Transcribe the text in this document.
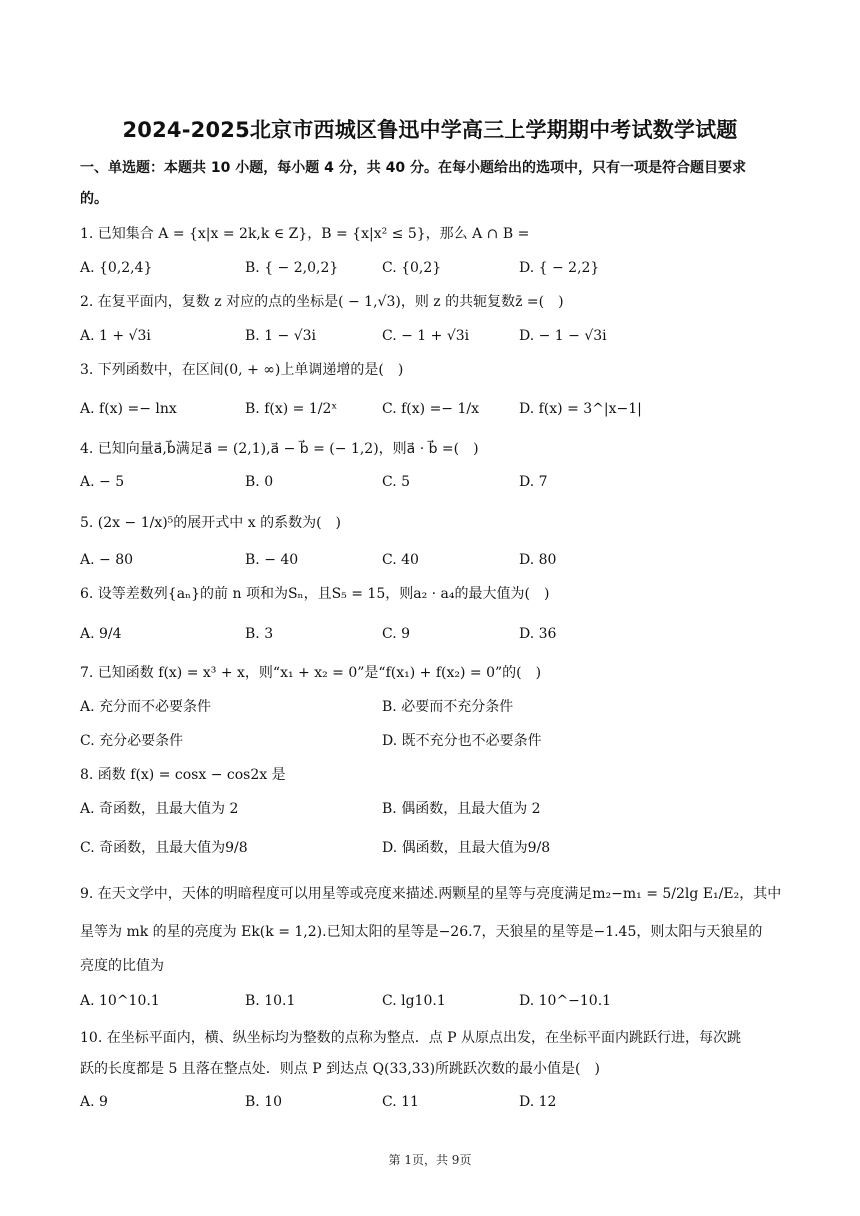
2024-2025北京市西城区鲁迅中学高三上学期期中考试数学试题
一、单选题：本题共 10 小题，每小题 4 分，共 40 分。在每小题给出的选项中，只有一项是符合题目要求
的。
1. 已知集合 A = {x|x = 2k,k ∈ Z}，B = {x|x² ≤ 5}，那么 A ∩ B =
A. {0,2,4}	B. { − 2,0,2}	C. {0,2}	D. { − 2,2}
2. 在复平面内，复数 z 对应的点的坐标是( − 1,√3)，则 z 的共轭复数z̄ =(　)
A. 1 + √3i	B. 1 − √3i	C. − 1 + √3i	D. − 1 − √3i
3. 下列函数中，在区间(0, + ∞)上单调递增的是(　)
A. f(x) =− lnx	B. f(x) = 1/2ˣ	C. f(x) =− 1/x	D. f(x) = 3^|x−1|
4. 已知向量a⃗,b⃗满足a⃗ = (2,1),a⃗ − b⃗ = (− 1,2)，则a⃗ · b⃗ =(　)
A. − 5	B. 0	C. 5	D. 7
5. (2x − 1/x)⁵的展开式中 x 的系数为(　)
A. − 80	B. − 40	C. 40	D. 80
6. 设等差数列{aₙ}的前 n 项和为Sₙ，且S₅ = 15，则a₂ · a₄的最大值为(　)
A. 9/4	B. 3	C. 9	D. 36
7. 已知函数 f(x) = x³ + x，则“x₁ + x₂ = 0”是“f(x₁) + f(x₂) = 0”的(　)
A. 充分而不必要条件	B. 必要而不充分条件
C. 充分必要条件	D. 既不充分也不必要条件
8. 函数 f(x) = cosx − cos2x 是
A. 奇函数，且最大值为 2	B. 偶函数，且最大值为 2
C. 奇函数，且最大值为9/8	D. 偶函数，且最大值为9/8
9. 在天文学中，天体的明暗程度可以用星等或亮度来描述.两颗星的星等与亮度满足m₂−m₁ = 5/2lg E₁/E₂，其中
星等为 mk 的星的亮度为 Ek(k = 1,2).已知太阳的星等是−26.7，天狼星的星等是−1.45，则太阳与天狼星的
亮度的比值为
A. 10^10.1	B. 10.1	C. lg10.1	D. 10^−10.1
10. 在坐标平面内，横、纵坐标均为整数的点称为整点．点 P 从原点出发，在坐标平面内跳跃行进，每次跳
跃的长度都是 5 且落在整点处．则点 P 到达点 Q(33,33)所跳跃次数的最小值是(　)
A. 9	B. 10	C. 11	D. 12
第 1页，共 9页
